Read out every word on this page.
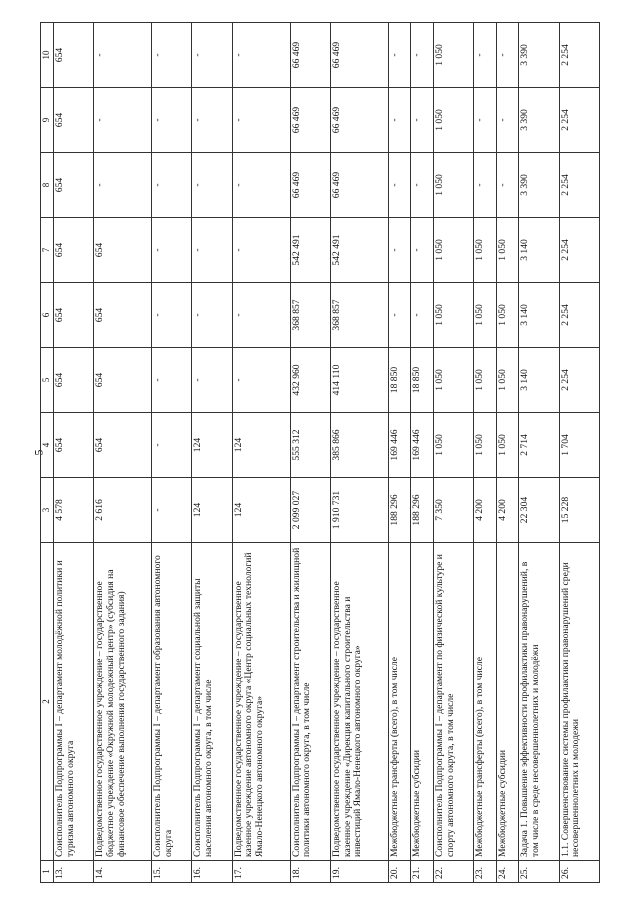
5
1	2	3	4	5	6	7	8	9	10
13.	Соисполнитель Подпрограммы I – департамент молодёжной политики и туризма автономного округа	4 578	654	654	654	654	654	654	654
14.	Подведомственное государственное учреждение – государственное бюджетное учреждение «Окружной молодежный центр» (субсидия на финансовое обеспечение выполнения государственного задания)	2 616	654	654	654	654	-	-	-
15.	Соисполнитель Подпрограммы I – департамент образования автономного округа	-	-	-	-	-	-	-	-
16.	Соисполнитель Подпрограммы I – департамент социальной защиты населения автономного округа, в том числе	124	124	-	-	-	-	-	-
17.	Подведомственное государственное учреждение – государственное казенное учреждение автономного округа «Центр социальных технологий Ямало-Ненецкого автономного округа»	124	124	-	-	-	-	-	-
18.	Соисполнитель Подпрограммы I – департамент строительства и жилищной политики автономного округа, в том числе	2 099 027	555 312	432 960	368 857	542 491	66 469	66 469	66 469
19.	Подведомственное государственное учреждение – государственное казенное учреждение «Дирекция капитального строительства и инвестиций Ямало-Ненецкого автономного округа»	1 910 731	385 866	414 110	368 857	542 491	66 469	66 469	66 469
20.	Межбюджетные трансферты (всего), в том числе	188 296	169 446	18 850	-	-	-	-	-
21.	Межбюджетные субсидии	188 296	169 446	18 850	-	-	-	-	-
22.	Соисполнитель Подпрограммы I – департамент по физической культуре и спорту автономного округа, в том числе	7 350	1 050	1 050	1 050	1 050	1 050	1 050	1 050
23.	Межбюджетные трансферты (всего), в том числе	4 200	1 050	1 050	1 050	1 050	-	-	-
24.	Межбюджетные субсидии	4 200	1 050	1 050	1 050	1 050	-	-	-
25.	Задача 1. Повышение эффективности профилактики правонарушений, в том числе в среде несовершеннолетних и молодёжи	22 304	2 714	3 140	3 140	3 140	3 390	3 390	3 390
26.	1.1. Совершенствование системы профилактики правонарушений среди несовершеннолетних и молодежи	15 228	1 704	2 254	2 254	2 254	2 254	2 254	2 254
